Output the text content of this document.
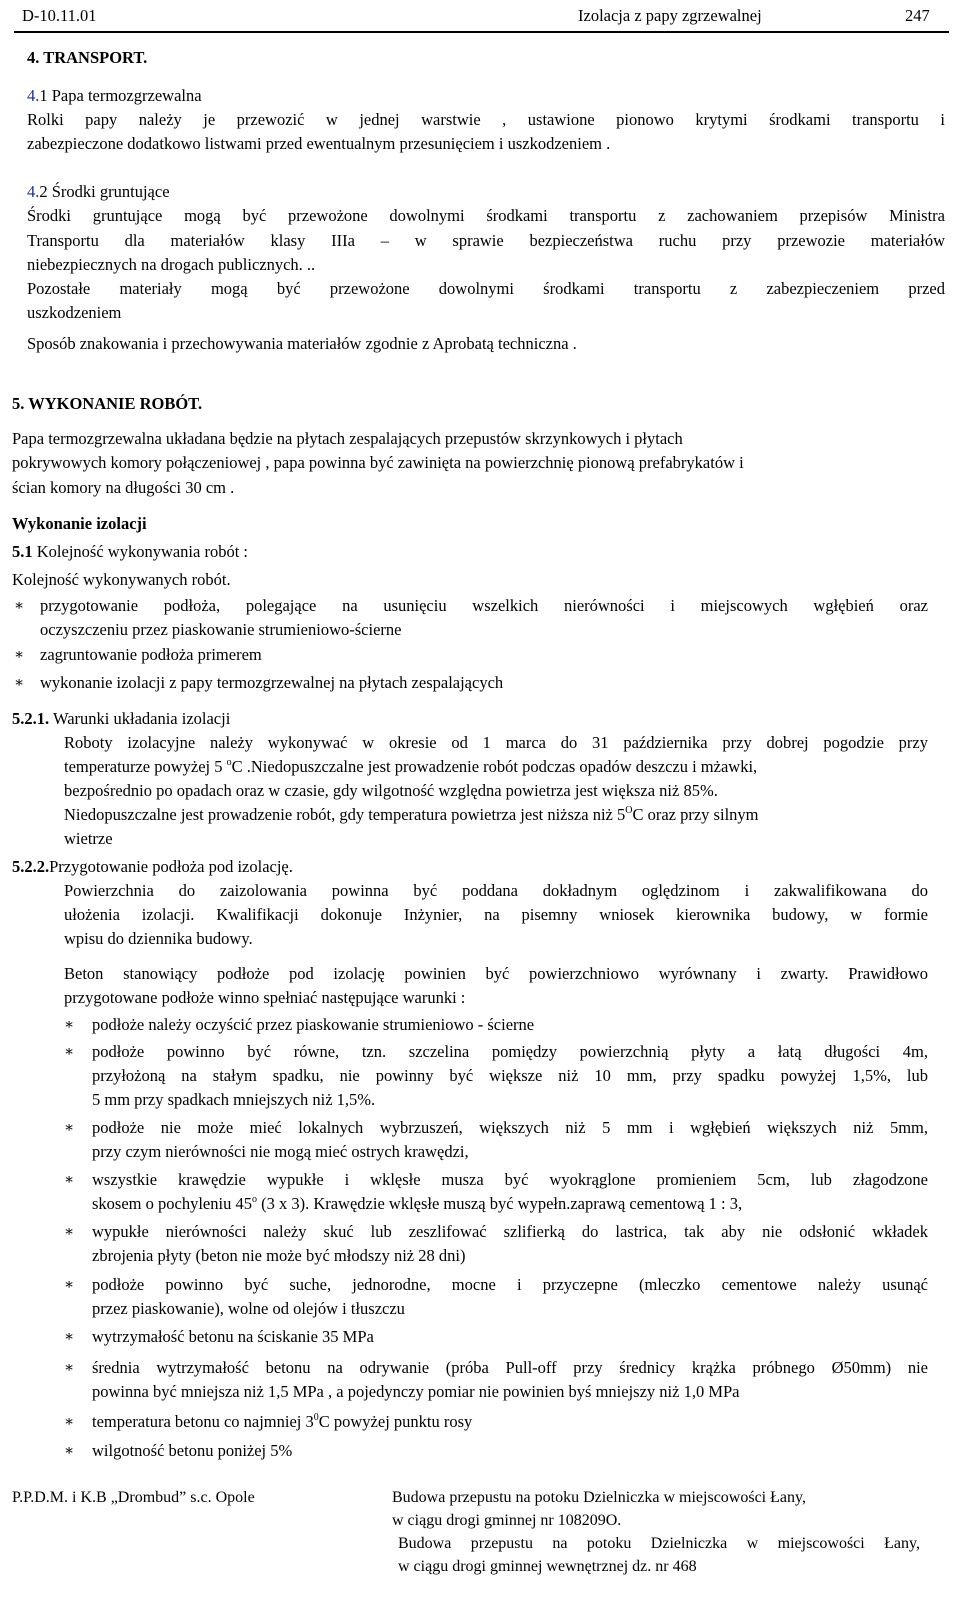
D-10.11.01	Izolacja z papy zgrzewalnej	247
4. TRANSPORT.
4.1 Papa termozgrzewalna
Rolki papy należy je przewozić w jednej warstwie , ustawione pionowo krytymi środkami transportu i
zabezpieczone dodatkowo listwami przed ewentualnym przesunięciem i uszkodzeniem .
4.2 Środki gruntujące
Środki gruntujące mogą być przewożone dowolnymi środkami transportu z zachowaniem przepisów Ministra
Transportu dla materiałów klasy IIIa – w sprawie bezpieczeństwa ruchu przy przewozie materiałów
niebezpiecznych na drogach publicznych. ..
Pozostałe materiały mogą być przewożone dowolnymi środkami transportu z zabezpieczeniem przed
uszkodzeniem
Sposób znakowania i przechowywania materiałów zgodnie z Aprobatą techniczna .
5. WYKONANIE ROBÓT.
Papa termozgrzewalna układana będzie na płytach zespalających przepustów skrzynkowych i płytach
pokrywowych komory połączeniowej , papa powinna być zawinięta na powierzchnię pionową prefabrykatów i
ścian komory na długości 30 cm .
Wykonanie izolacji
5.1 Kolejność wykonywania robót :
Kolejność wykonywanych robót.
∗ przygotowanie podłoża, polegające na usunięciu wszelkich nierówności i miejscowych wgłębień oraz
oczyszczeniu przez piaskowanie strumieniowo-ścierne
∗ zagruntowanie podłoża primerem
∗ wykonanie izolacji z papy termozgrzewalnej na płytach zespalających
5.2.1. Warunki układania izolacji
Roboty izolacyjne należy wykonywać w okresie od 1 marca do 31 października przy dobrej pogodzie przy
temperaturze powyżej 5 $^o$C .Niedopuszczalne jest prowadzenie robót podczas opadów deszczu i mżawki,
bezpośrednio po opadach oraz w czasie, gdy wilgotność względna powietrza jest większa niż 85%.
Niedopuszczalne jest prowadzenie robót, gdy temperatura powietrza jest niższa niż $5^OC$ oraz przy silnym
wietrze
5.2.2.Przygotowanie podłoża pod izolację.
Powierzchnia do zaizolowania powinna być poddana dokładnym oględzinom i zakwalifikowana do
ułożenia izolacji. Kwalifikacji dokonuje Inżynier, na pisemny wniosek kierownika budowy, w formie
wpisu do dziennika budowy.
Beton stanowiący podłoże pod izolację powinien być powierzchniowo wyrównany i zwarty. Prawidłowo
przygotowane podłoże winno spełniać następujące warunki :
∗ podłoże należy oczyścić przez piaskowanie strumieniowo - ścierne
∗ podłoże powinno być równe, tzn. szczelina pomiędzy powierzchnią płyty a łatą długości 4m,
przyłożoną na stałym spadku, nie powinny być większe niż 10 mm, przy spadku powyżej 1,5%, lub
5 mm przy spadkach mniejszych niż 1,5%.
∗ podłoże nie może mieć lokalnych wybrzuszeń, większych niż 5 mm i wgłębień większych niż 5mm,
przy czym nierówności nie mogą mieć ostrych krawędzi,
∗ wszystkie krawędzie wypukłe i wklęsłe musza być wyokrąglone promieniem 5cm, lub złagodzone
skosem o pochyleniu 45$^o$ (3 x 3). Krawędzie wklęsłe muszą być wypełn.zaprawą cementową 1 : 3,
∗ wypukłe nierówności należy skuć lub zeszlifować szlifierką do lastrica, tak aby nie odsłonić wkładek
zbrojenia płyty (beton nie może być młodszy niż 28 dni)
∗ podłoże powinno być suche, jednorodne, mocne i przyczepne (mleczko cementowe należy usunąć
przez piaskowanie), wolne od olejów i tłuszczu
∗ wytrzymałość betonu na ściskanie 35 MPa
∗ średnia wytrzymałość betonu na odrywanie (próba Pull-off przy średnicy krążka próbnego Ø50mm) nie
powinna być mniejsza niż 1,5 MPa , a pojedynczy pomiar nie powinien byś mniejszy niż 1,0 MPa
∗ temperatura betonu co najmniej $3^0C$ powyżej punktu rosy
∗ wilgotność betonu poniżej 5%
P.P.D.M. i K.B „Drombud” s.c. Opole	Budowa przepustu na potoku Dzielniczka w miejscowości Łany,
w ciągu drogi gminnej nr 108209O.
Budowa przepustu na potoku Dzielniczka w miejscowości Łany,
w ciągu drogi gminnej wewnętrznej dz. nr 468
